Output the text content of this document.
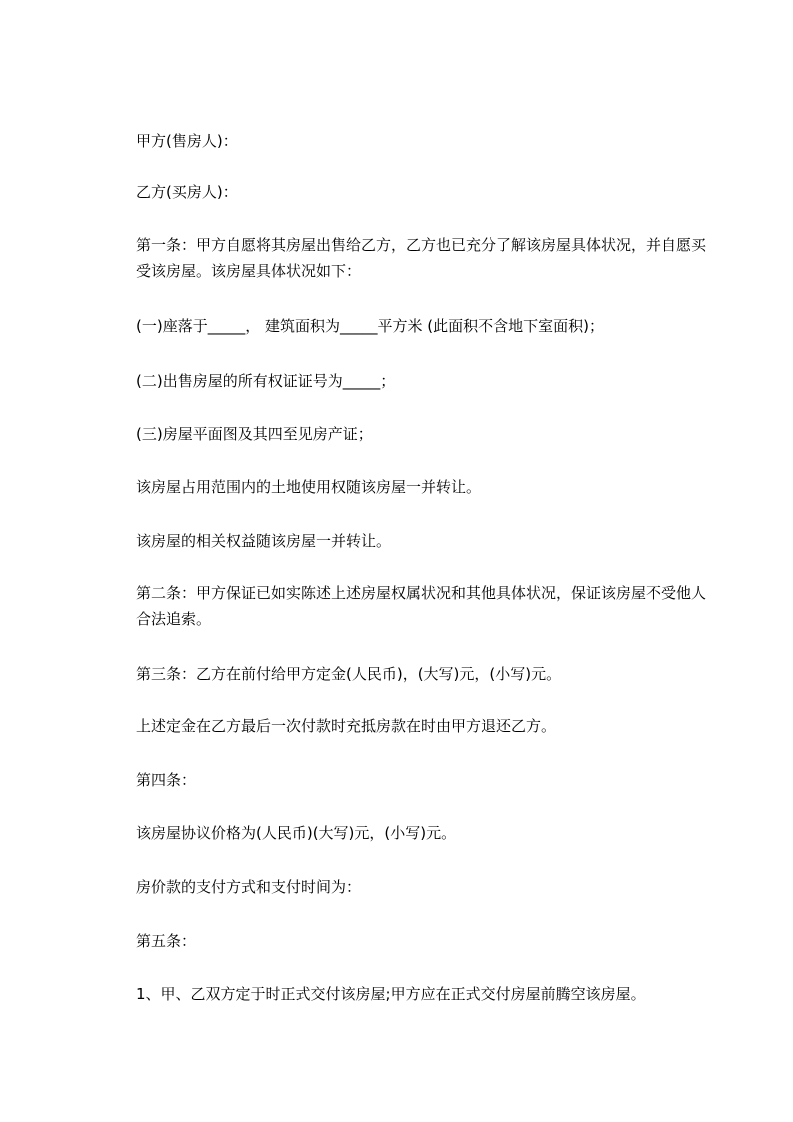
甲方(售房人)：

乙方(买房人)：

第一条：甲方自愿将其房屋出售给乙方，乙方也已充分了解该房屋具体状况，并自愿买受该房屋。该房屋具体状况如下：

(一)座落于_____， 建筑面积为_____平方米 (此面积不含地下室面积)；

(二)出售房屋的所有权证证号为_____；

(三)房屋平面图及其四至见房产证；

该房屋占用范围内的土地使用权随该房屋一并转让。

该房屋的相关权益随该房屋一并转让。

第二条：甲方保证已如实陈述上述房屋权属状况和其他具体状况，保证该房屋不受他人合法追索。

第三条：乙方在前付给甲方定金(人民币)，(大写)元，(小写)元。

上述定金在乙方最后一次付款时充抵房款在时由甲方退还乙方。

第四条：

该房屋协议价格为(人民币)(大写)元，(小写)元。

房价款的支付方式和支付时间为：

第五条：

1、甲、乙双方定于时正式交付该房屋;甲方应在正式交付房屋前腾空该房屋。
